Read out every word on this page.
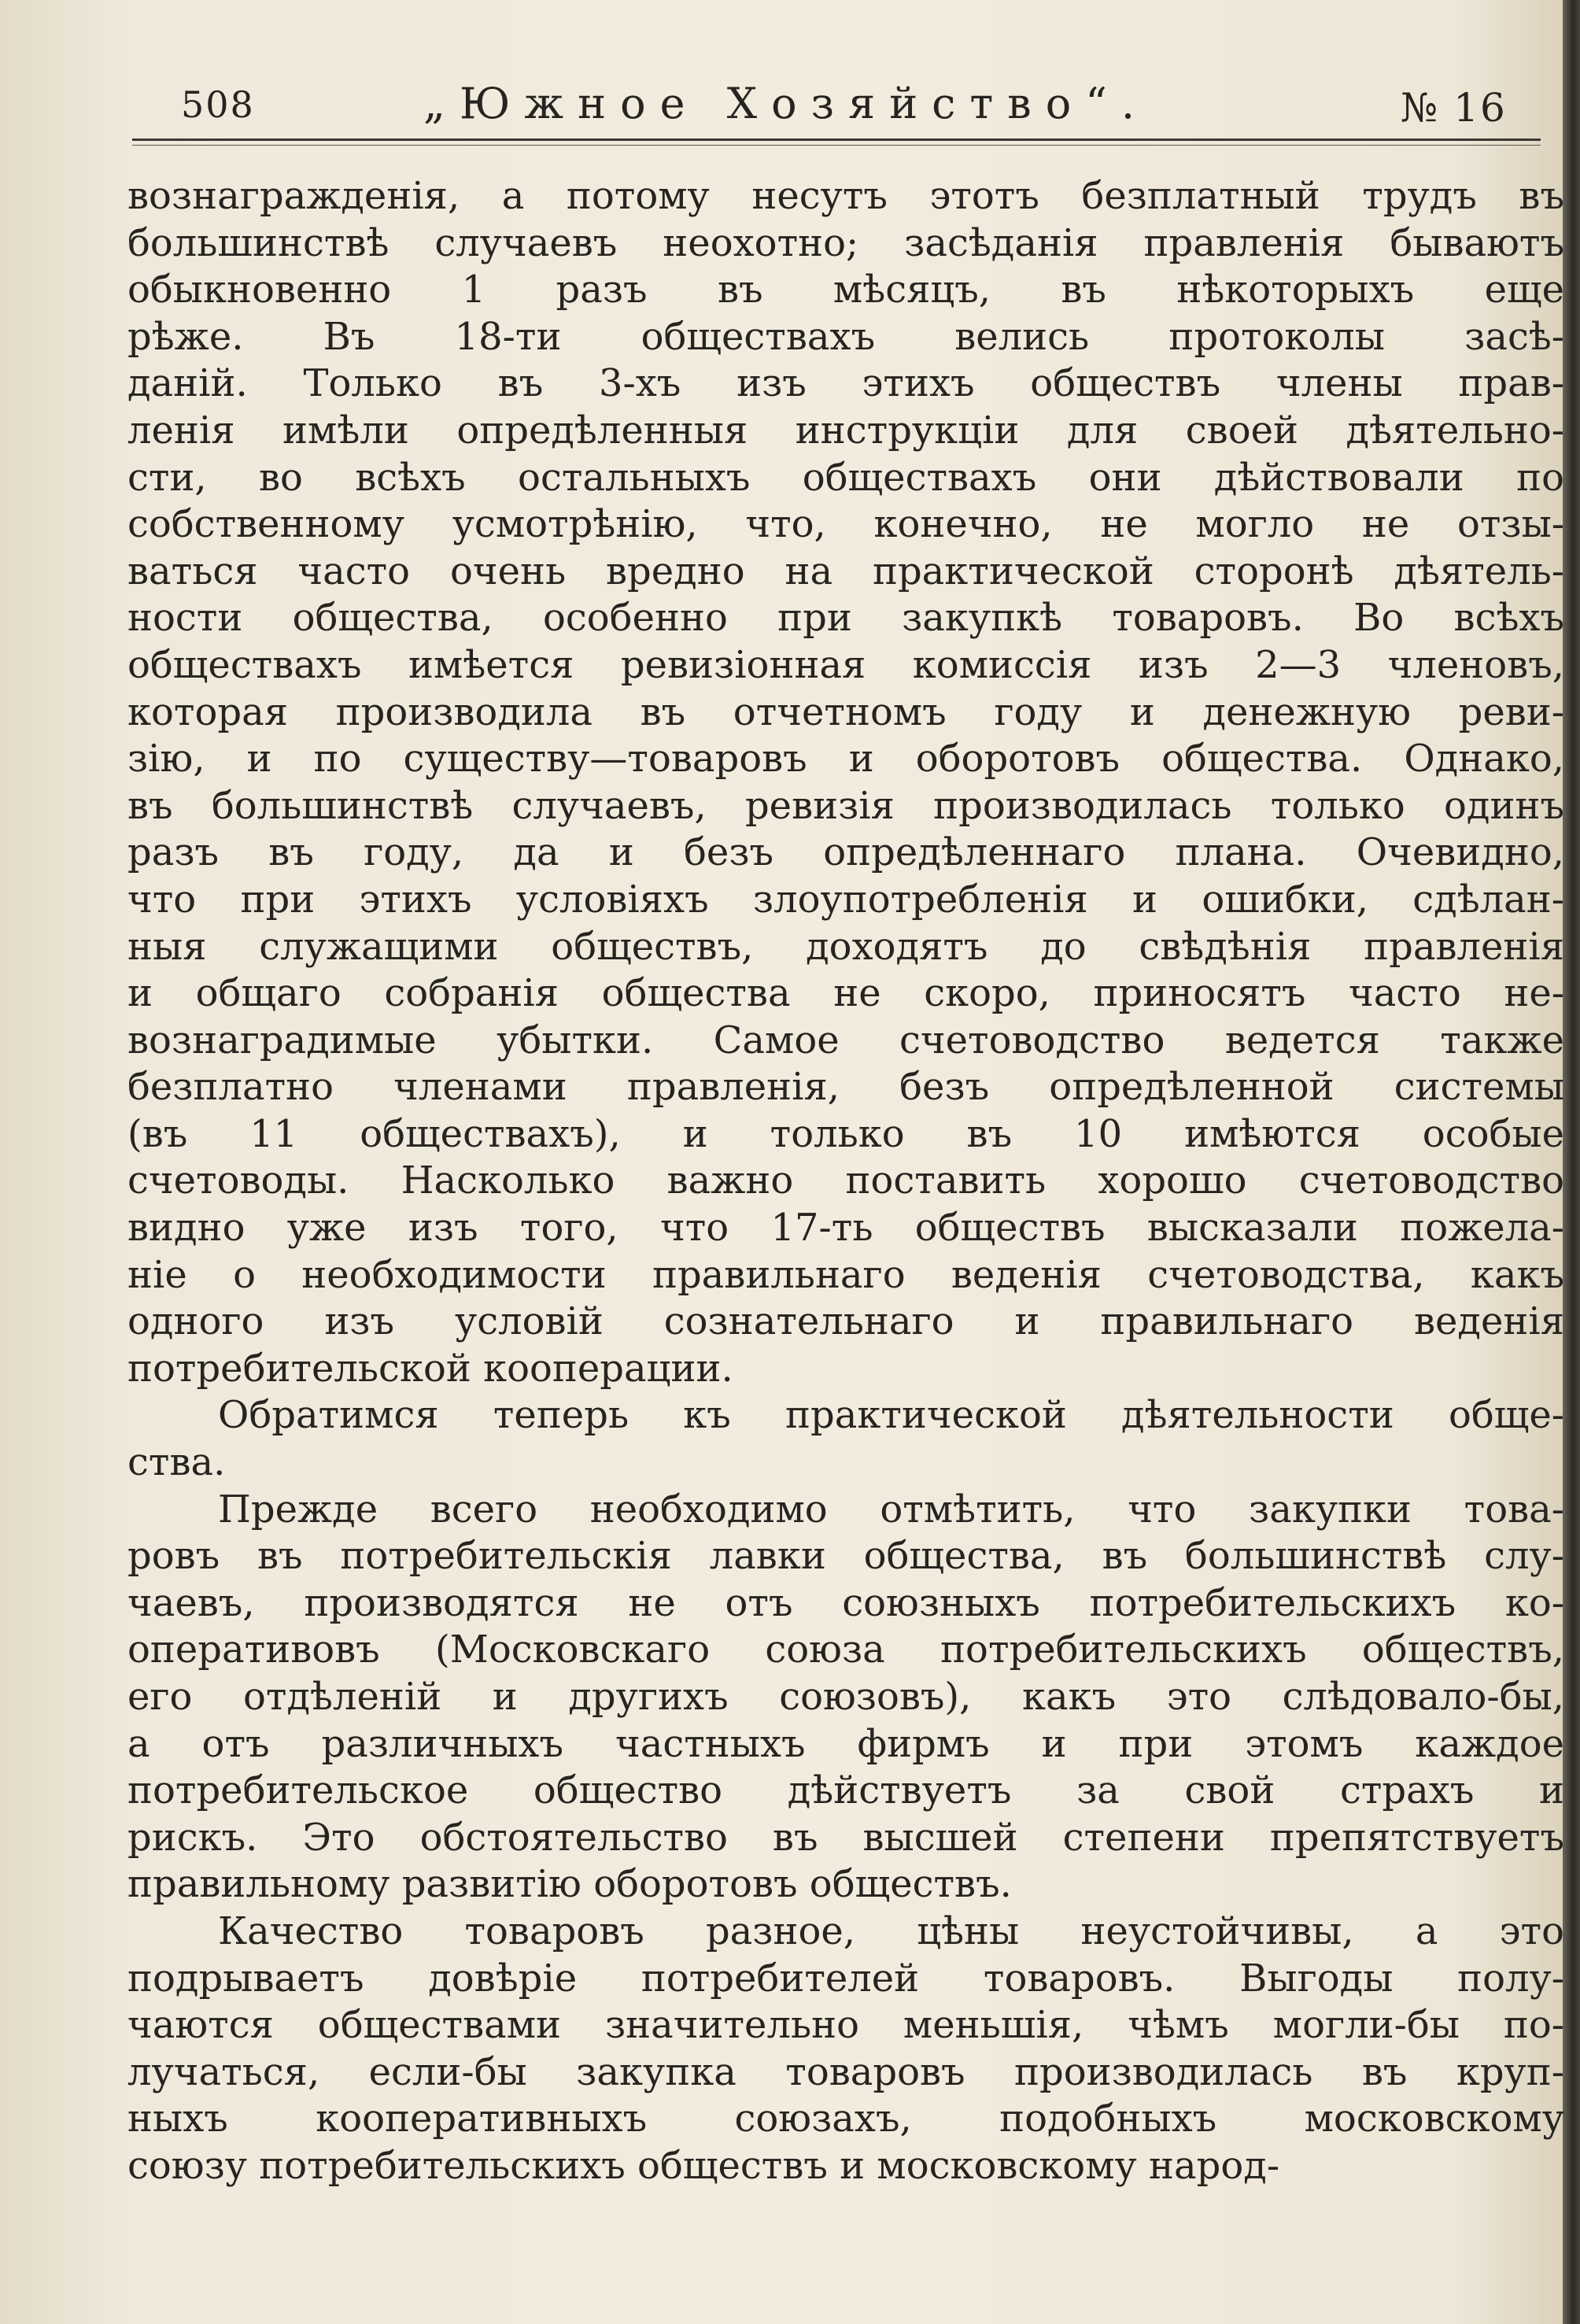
508	„Южное Хозяйство“.	№ 16
вознагражденія, а потому несутъ этотъ безплатный трудъ въ
большинствѣ случаевъ неохотно; засѣданія правленія бываютъ
обыкновенно 1 разъ въ мѣсяцъ, въ нѣкоторыхъ еще
рѣже. Въ 18-ти обществахъ велись протоколы засѣ-
даній. Только въ 3-хъ изъ этихъ обществъ члены прав-
ленія имѣли опредѣленныя инструкціи для своей дѣятельно-
сти, во всѣхъ остальныхъ обществахъ они дѣйствовали по
собственному усмотрѣнію, что, конечно, не могло не отзы-
ваться часто очень вредно на практической сторонѣ дѣятель-
ности общества, особенно при закупкѣ товаровъ. Во всѣхъ
обществахъ имѣется ревизіонная комиссія изъ 2—3 членовъ,
которая производила въ отчетномъ году и денежную реви-
зію, и по существу—товаровъ и оборотовъ общества. Однако,
въ большинствѣ случаевъ, ревизія производилась только одинъ
разъ въ году, да и безъ опредѣленнаго плана. Очевидно,
что при этихъ условіяхъ злоупотребленія и ошибки, сдѣлан-
ныя служащими обществъ, доходятъ до свѣдѣнія правленія
и общаго собранія общества не скоро, приносятъ часто не-
вознаградимые убытки. Самое счетоводство ведется также
безплатно членами правленія, безъ опредѣленной системы
(въ 11 обществахъ), и только въ 10 имѣются особые
счетоводы. Насколько важно поставить хорошо счетоводство
видно уже изъ того, что 17-ть обществъ высказали пожела-
ніе о необходимости правильнаго веденія счетоводства, какъ
одного изъ условій сознательнаго и правильнаго веденія
потребительской кооперации.
Обратимся теперь къ практической дѣятельности обще-
ства.
Прежде всего необходимо отмѣтить, что закупки това-
ровъ въ потребительскія лавки общества, въ большинствѣ слу-
чаевъ, производятся не отъ союзныхъ потребительскихъ ко-
оперативовъ (Московскаго союза потребительскихъ обществъ,
его отдѣленій и другихъ союзовъ), какъ это слѣдовало-бы,
а отъ различныхъ частныхъ фирмъ и при этомъ каждое
потребительское общество дѣйствуетъ за свой страхъ и
рискъ. Это обстоятельство въ высшей степени препятствуетъ
правильному развитію оборотовъ обществъ.
Качество товаровъ разное, цѣны неустойчивы, а это
подрываетъ довѣріе потребителей товаровъ. Выгоды полу-
чаются обществами значительно меньшія, чѣмъ могли-бы по-
лучаться, если-бы закупка товаровъ производилась въ круп-
ныхъ кооперативныхъ союзахъ, подобныхъ московскому
союзу потребительскихъ обществъ и московскому народ-
